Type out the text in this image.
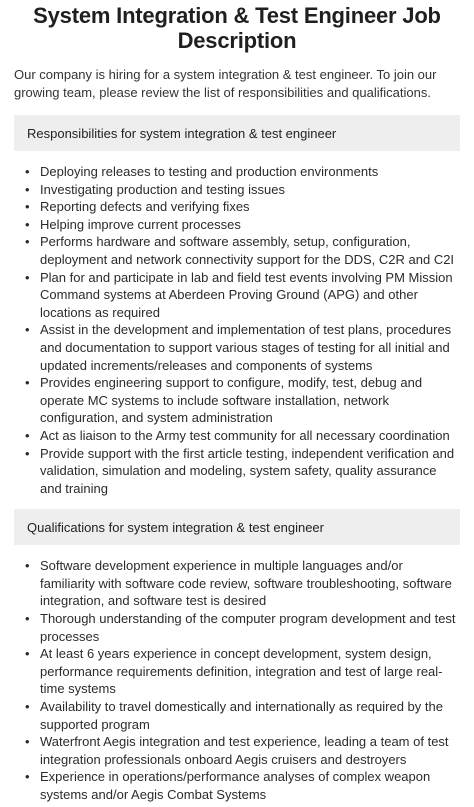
System Integration & Test Engineer Job Description

Our company is hiring for a system integration & test engineer. To join our growing team, please review the list of responsibilities and qualifications.

Responsibilities for system integration & test engineer
• Deploying releases to testing and production environments
• Investigating production and testing issues
• Reporting defects and verifying fixes
• Helping improve current processes
• Performs hardware and software assembly, setup, configuration, deployment and network connectivity support for the DDS, C2R and C2I
• Plan for and participate in lab and field test events involving PM Mission Command systems at Aberdeen Proving Ground (APG) and other locations as required
• Assist in the development and implementation of test plans, procedures and documentation to support various stages of testing for all initial and updated increments/releases and components of systems
• Provides engineering support to configure, modify, test, debug and operate MC systems to include software installation, network configuration, and system administration
• Act as liaison to the Army test community for all necessary coordination
• Provide support with the first article testing, independent verification and validation, simulation and modeling, system safety, quality assurance and training
Qualifications for system integration & test engineer
• Software development experience in multiple languages and/or familiarity with software code review, software troubleshooting, software integration, and software test is desired
• Thorough understanding of the computer program development and test processes
• At least 6 years experience in concept development, system design, performance requirements definition, integration and test of large real-time systems
• Availability to travel domestically and internationally as required by the supported program
• Waterfront Aegis integration and test experience, leading a team of test integration professionals onboard Aegis cruisers and destroyers
• Experience in operations/performance analyses of complex weapon systems and/or Aegis Combat Systems
